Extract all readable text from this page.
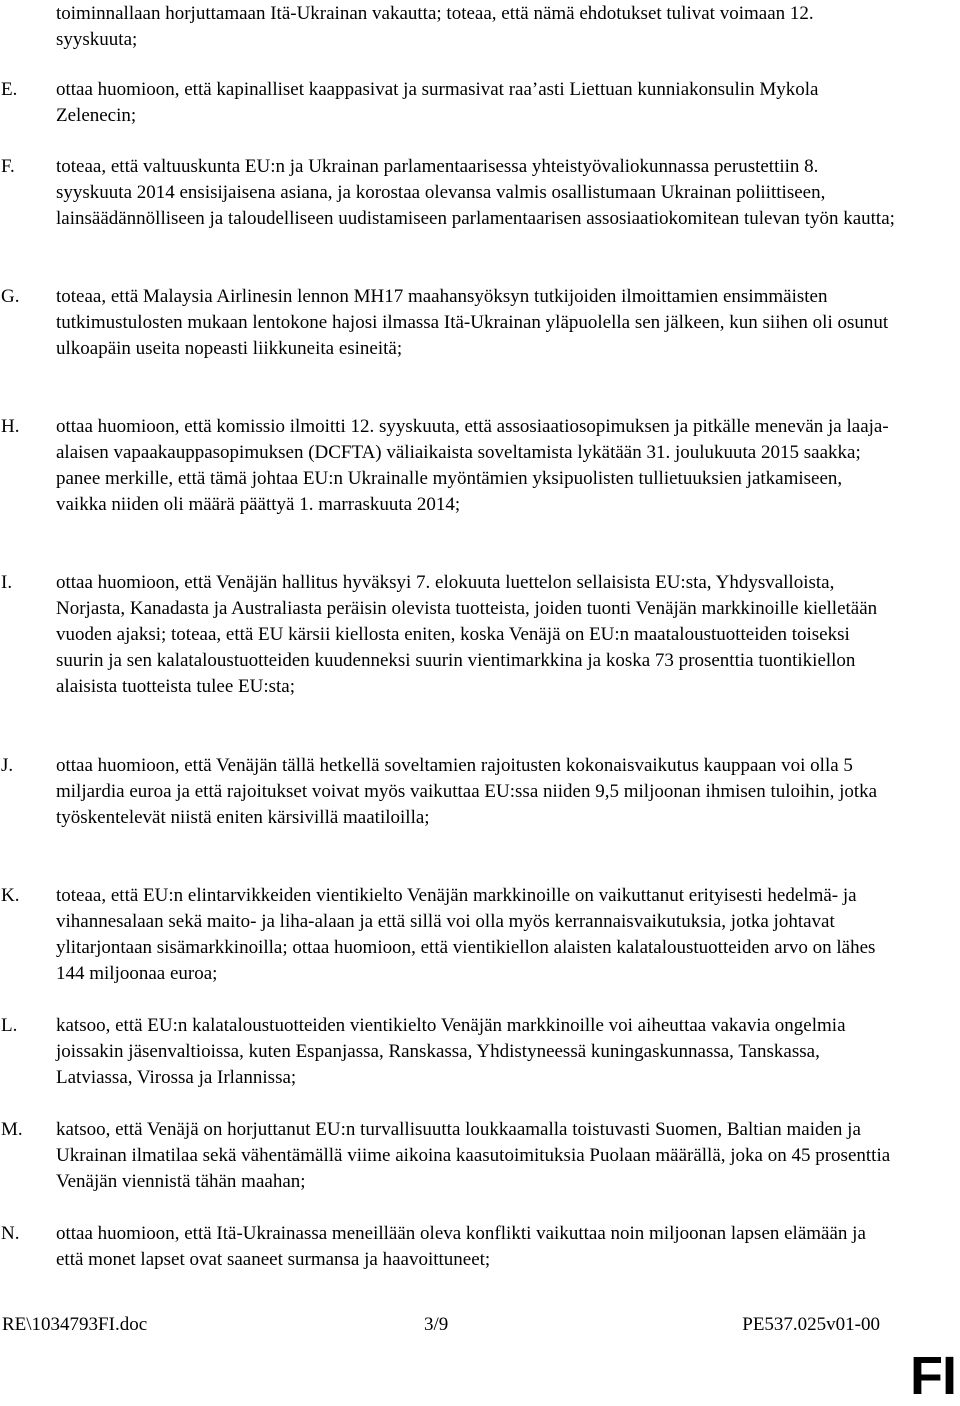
toiminnallaan horjuttamaan Itä-Ukrainan vakautta; toteaa, että nämä ehdotukset tulivat voimaan 12. syyskuuta;

E. ottaa huomioon, että kapinalliset kaappasivat ja surmasivat raa’asti Liettuan kunniakonsulin Mykola Zelenecin;

F. toteaa, että valtuuskunta EU:n ja Ukrainan parlamentaarisessa yhteistyövaliokunnassa perustettiin 8. syyskuuta 2014 ensisijaisena asiana, ja korostaa olevansa valmis osallistumaan Ukrainan poliittiseen, lainsäädännölliseen ja taloudelliseen uudistamiseen parlamentaarisen assosiaatiokomitean tulevan työn kautta;

G. toteaa, että Malaysia Airlinesin lennon MH17 maahansyöksyn tutkijoiden ilmoittamien ensimmäisten tutkimustulosten mukaan lentokone hajosi ilmassa Itä-Ukrainan yläpuolella sen jälkeen, kun siihen oli osunut ulkoapäin useita nopeasti liikkuneita esineitä;

H. ottaa huomioon, että komissio ilmoitti 12. syyskuuta, että assosiaatiosopimuksen ja pitkälle menevän ja laaja-alaisen vapaakauppasopimuksen (DCFTA) väliaikaista soveltamista lykätään 31. joulukuuta 2015 saakka; panee merkille, että tämä johtaa EU:n Ukrainalle myöntämien yksipuolisten tullietuuksien jatkamiseen, vaikka niiden oli määrä päättyä 1. marraskuuta 2014;

I. ottaa huomioon, että Venäjän hallitus hyväksyi 7. elokuuta luettelon sellaisista EU:sta, Yhdysvalloista, Norjasta, Kanadasta ja Australiasta peräisin olevista tuotteista, joiden tuonti Venäjän markkinoille kielletään vuoden ajaksi; toteaa, että EU kärsii kiellosta eniten, koska Venäjä on EU:n maataloustuotteiden toiseksi suurin ja sen kalataloustuotteiden kuudenneksi suurin vientimarkkina ja koska 73 prosenttia tuontikiellon alaisista tuotteista tulee EU:sta;

J. ottaa huomioon, että Venäjän tällä hetkellä soveltamien rajoitusten kokonaisvaikutus kauppaan voi olla 5 miljardia euroa ja että rajoitukset voivat myös vaikuttaa EU:ssa niiden 9,5 miljoonan ihmisen tuloihin, jotka työskentelevät niistä eniten kärsivillä maatiloilla;

K. toteaa, että EU:n elintarvikkeiden vientikielto Venäjän markkinoille on vaikuttanut erityisesti hedelmä- ja vihannesalaan sekä maito- ja liha-alaan ja että sillä voi olla myös kerrannaisvaikutuksia, jotka johtavat ylitarjontaan sisämarkkinoilla; ottaa huomioon, että vientikiellon alaisten kalataloustuotteiden arvo on lähes 144 miljoonaa euroa;

L. katsoo, että EU:n kalataloustuotteiden vientikielto Venäjän markkinoille voi aiheuttaa vakavia ongelmia joissakin jäsenvaltioissa, kuten Espanjassa, Ranskassa, Yhdistyneessä kuningaskunnassa, Tanskassa, Latviassa, Virossa ja Irlannissa;

M. katsoo, että Venäjä on horjuttanut EU:n turvallisuutta loukkaamalla toistuvasti Suomen, Baltian maiden ja Ukrainan ilmatilaa sekä vähentämällä viime aikoina kaasutoimituksia Puolaan määrällä, joka on 45 prosenttia Venäjän viennistä tähän maahan;

N. ottaa huomioon, että Itä-Ukrainassa meneillään oleva konflikti vaikuttaa noin miljoonan lapsen elämään ja että monet lapset ovat saaneet surmansa ja haavoittuneet;

RE\1034793FI.doc	3/9	PE537.025v01-00
FI
